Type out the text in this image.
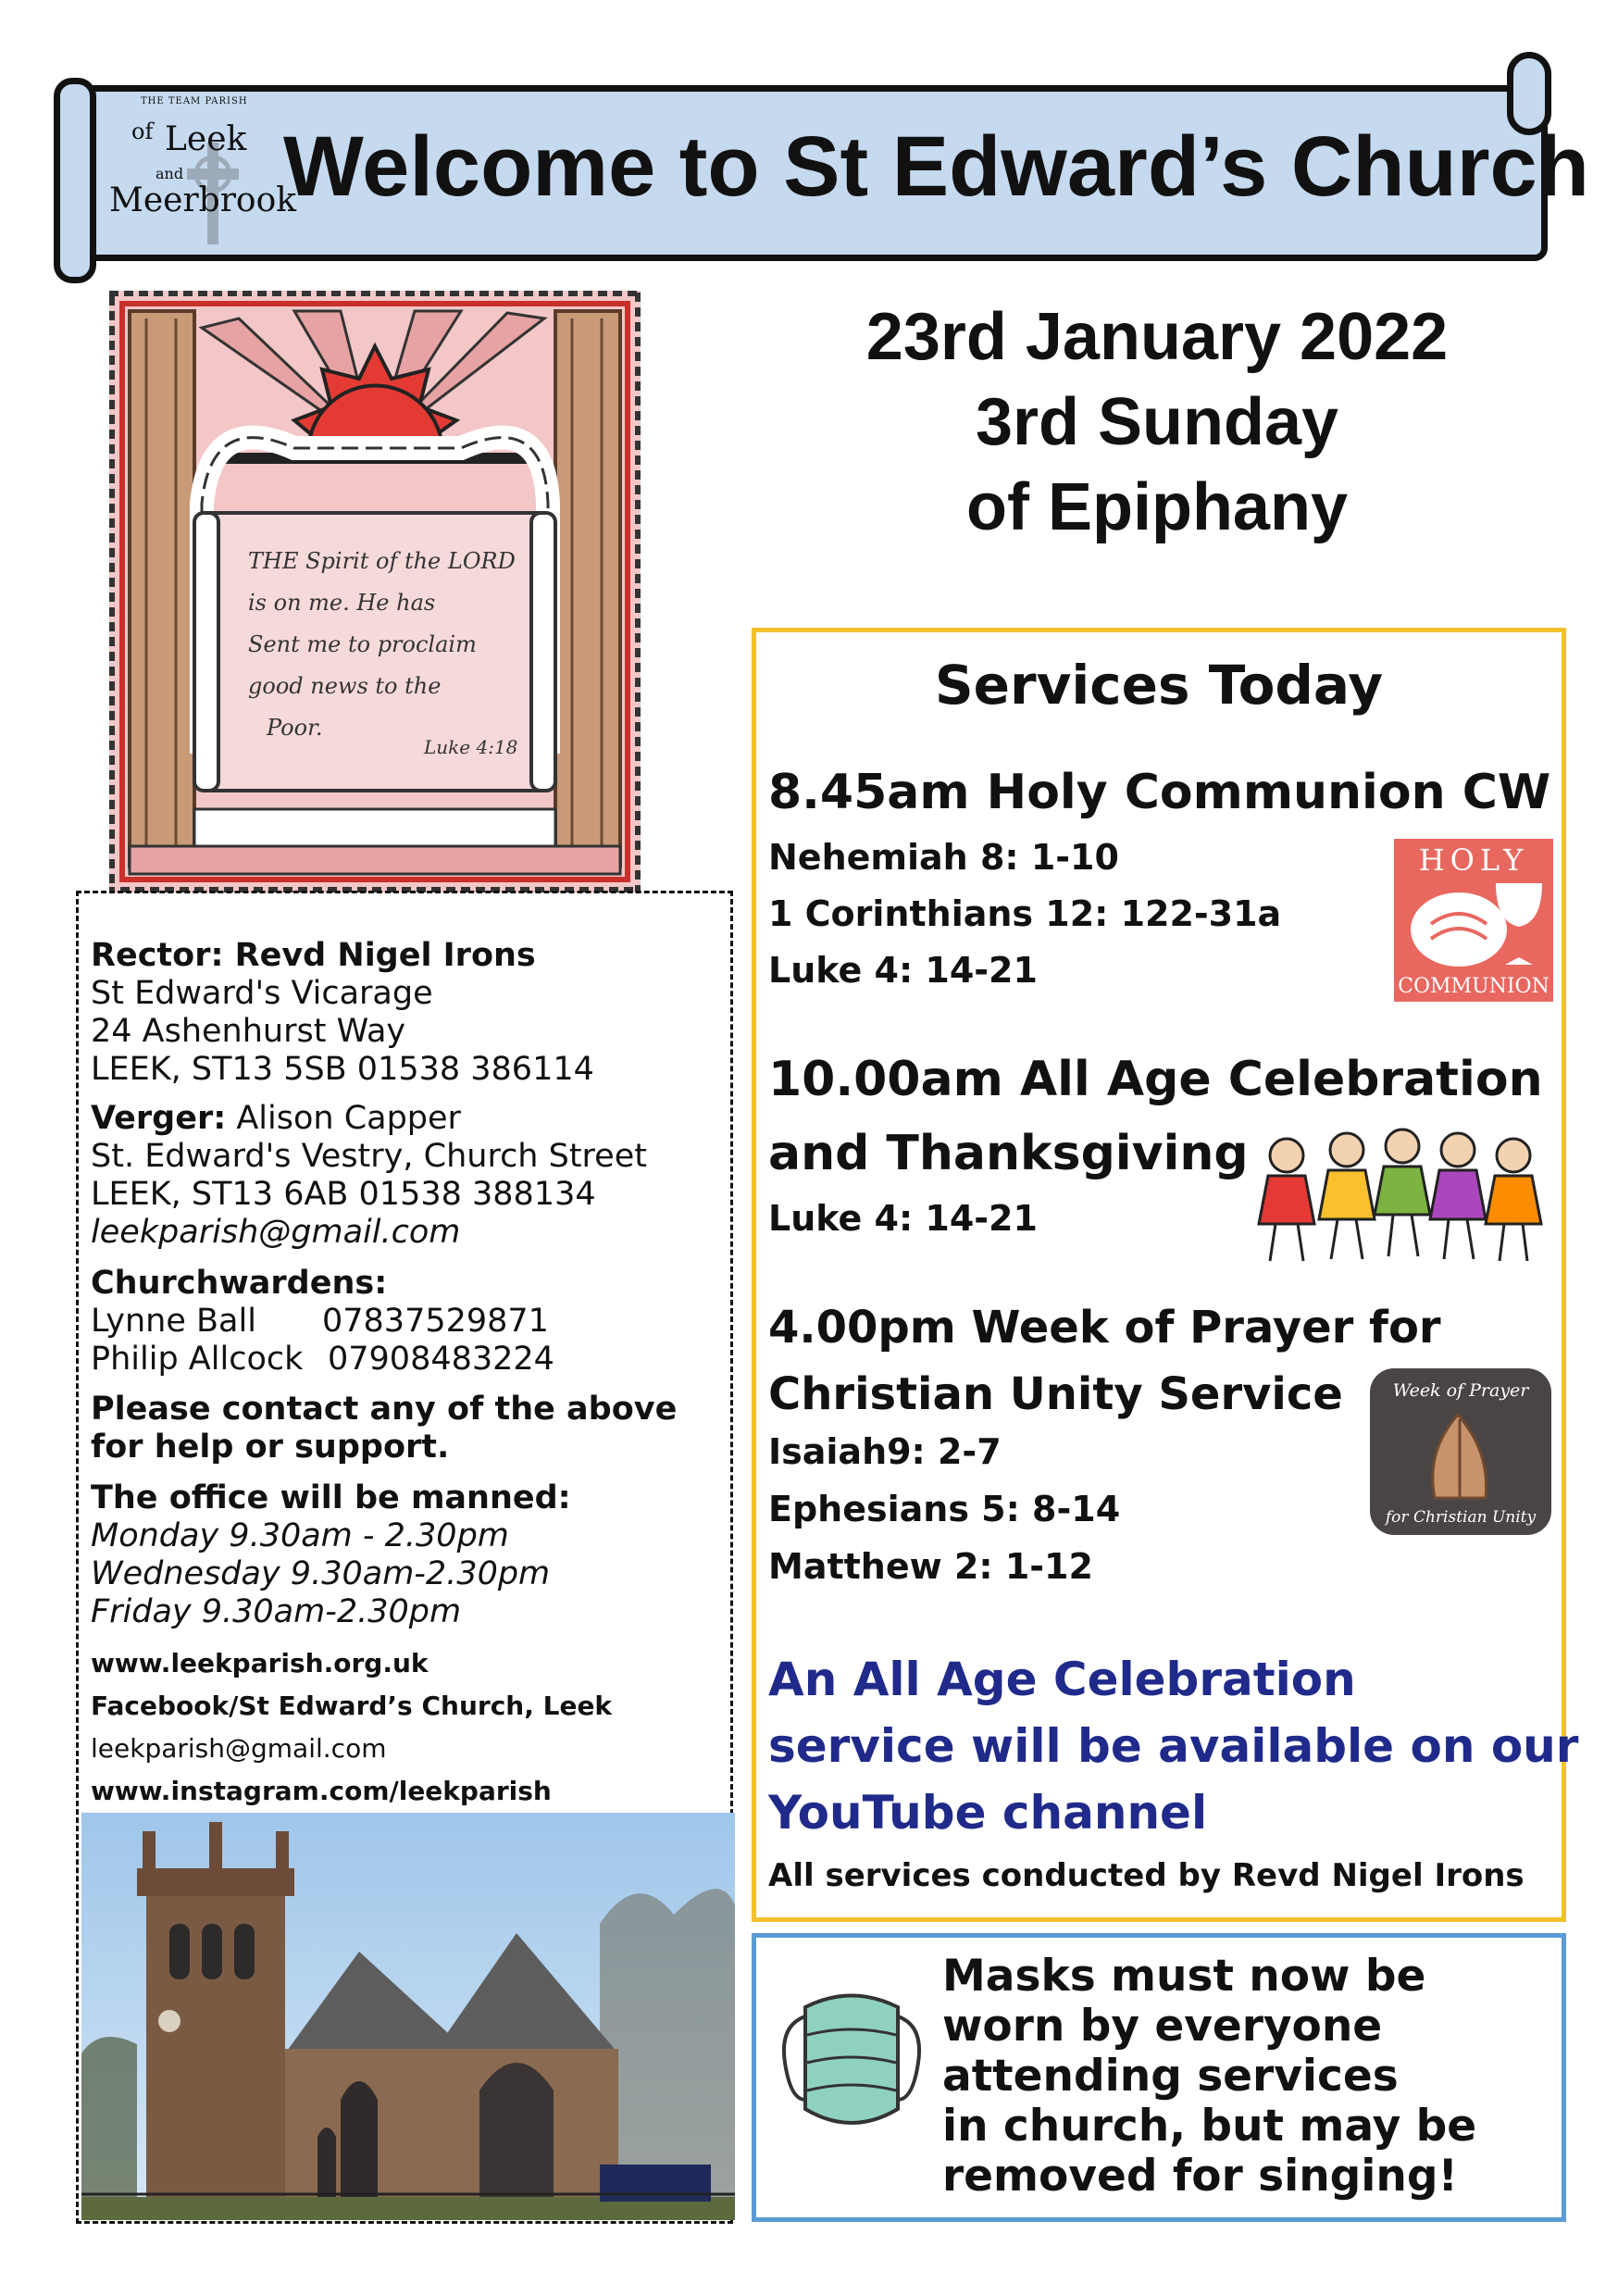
THE TEAM PARISH
of Leek
and
Meerbrook
Welcome to St Edward’s Church
THE Spirit of the LORD
is on me. He has
Sent me to proclaim
good news to the
Poor.
Luke 4:18
Rector: Revd Nigel Irons
St Edward's Vicarage
24 Ashenhurst Way
LEEK, ST13 5SB 01538 386114
Verger: Alison Capper
St. Edward's Vestry, Church Street
LEEK, ST13 6AB 01538 388134
leekparish@gmail.com
Churchwardens:
Lynne Ball 07837529871
Philip Allcock 07908483224
Please contact any of the above
for help or support.
The office will be manned:
Monday 9.30am - 2.30pm
Wednesday 9.30am-2.30pm
Friday 9.30am-2.30pm
www.leekparish.org.uk
Facebook/St Edward’s Church, Leek
leekparish@gmail.com
www.instagram.com/leekparish
23rd January 2022
3rd Sunday
of Epiphany
Services Today
8.45am Holy Communion CW
Nehemiah 8: 1-10
1 Corinthians 12: 122-31a
Luke 4: 14-21
HOLY
COMMUNION
10.00am All Age Celebration
and Thanksgiving
Luke 4: 14-21
4.00pm Week of Prayer for
Christian Unity Service
Isaiah9: 2-7
Ephesians 5: 8-14
Matthew 2: 1-12
Week of Prayer
for Christian Unity
An All Age Celebration
service will be available on our
YouTube channel
All services conducted by Revd Nigel Irons
Masks must now be
worn by everyone
attending services
in church, but may be
removed for singing!
